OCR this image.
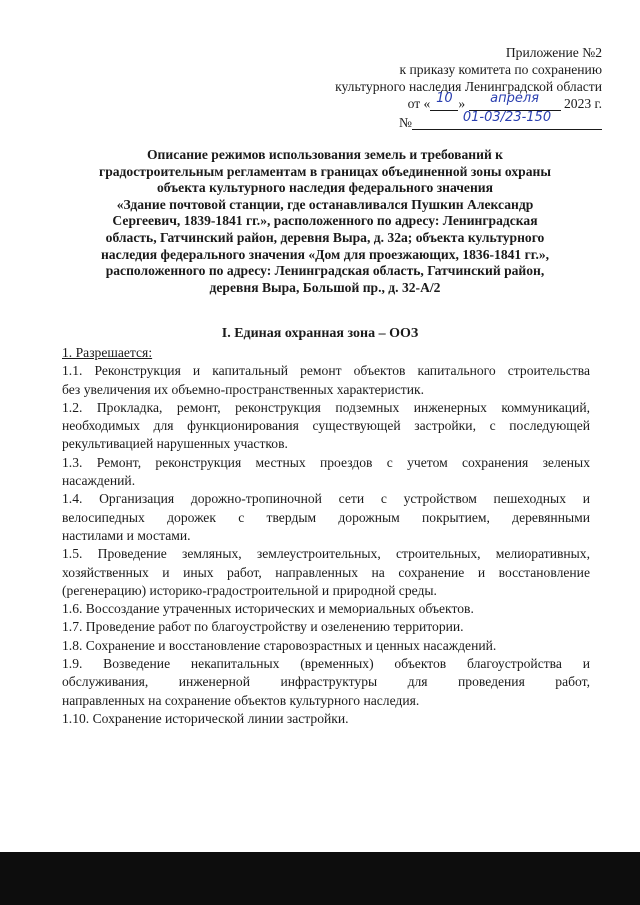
Приложение №2
к приказу комитета по сохранению
культурного наследия Ленинградской области
от « 10 » апреля 2023 г.
№	01-03/23-150
Описание режимов использования земель и требований к
градостроительным регламентам в границах объединенной зоны охраны
объекта культурного наследия федерального значения
«Здание почтовой станции, где останавливался Пушкин Александр
Сергеевич, 1839-1841 гг.», расположенного по адресу: Ленинградская
область, Гатчинский район, деревня Выра, д. 32а; объекта культурного
наследия федерального значения «Дом для проезжающих, 1836-1841 гг.»,
расположенного по адресу: Ленинградская область, Гатчинский район,
деревня Выра, Большой пр., д. 32-А/2
I. Единая охранная зона – ООЗ
1. Разрешается:
1.1. Реконструкция и капитальный ремонт объектов капитального строительства
без увеличения их объемно-пространственных характеристик.
1.2. Прокладка, ремонт, реконструкция подземных инженерных коммуникаций,
необходимых для функционирования существующей застройки, с последующей
рекультивацией нарушенных участков.
1.3. Ремонт, реконструкция местных проездов с учетом сохранения зеленых
насаждений.
1.4. Организация дорожно-тропиночной сети с устройством пешеходных и
велосипедных дорожек с твердым дорожным покрытием, деревянными
настилами и мостами.
1.5. Проведение земляных, землеустроительных, строительных, мелиоративных,
хозяйственных и иных работ, направленных на сохранение и восстановление
(регенерацию) историко-градостроительной и природной среды.
1.6. Воссоздание утраченных исторических и мемориальных объектов.
1.7. Проведение работ по благоустройству и озеленению территории.
1.8. Сохранение и восстановление старовозрастных и ценных насаждений.
1.9. Возведение некапитальных (временных) объектов благоустройства и
обслуживания, инженерной инфраструктуры для проведения работ,
направленных на сохранение объектов культурного наследия.
1.10. Сохранение исторической линии застройки.
